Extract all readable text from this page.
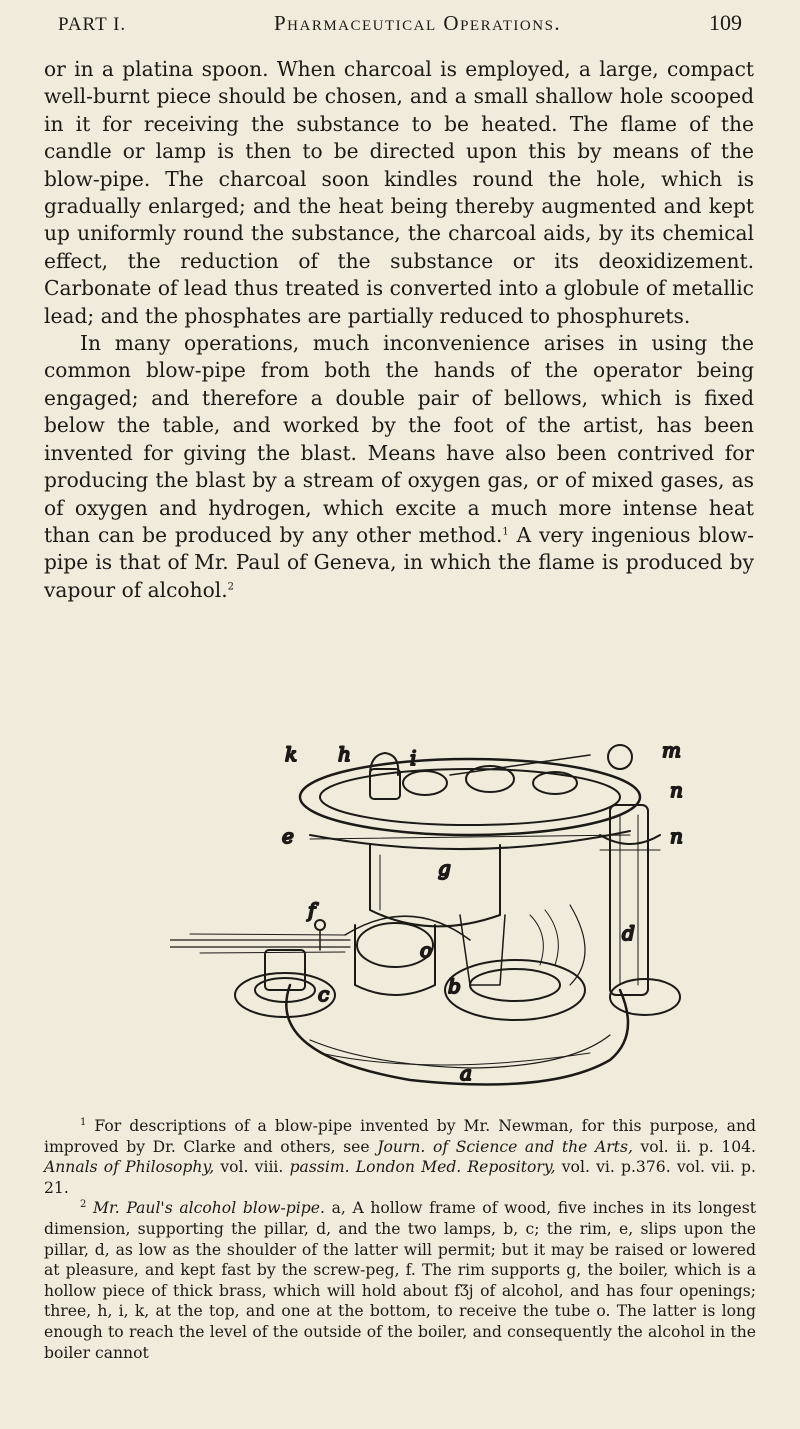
PART I.	Pharmaceutical Operations.	109

or in a platina spoon. When charcoal is employed, a large, compact well-burnt piece should be chosen, and a small shallow hole scooped in it for receiving the substance to be heated. The flame of the candle or lamp is then to be directed upon this by means of the blow-pipe. The charcoal soon kindles round the hole, which is gradually enlarged; and the heat being thereby augmented and kept up uniformly round the substance, the charcoal aids, by its chemical effect, the reduction of the substance or its deoxidizement. Carbonate of lead thus treated is converted into a globule of metallic lead; and the phosphates are partially reduced to phosphurets.

In many operations, much inconvenience arises in using the common blow-pipe from both the hands of the operator being engaged; and therefore a double pair of bellows, which is fixed below the table, and worked by the foot of the artist, has been invented for giving the blast. Means have also been contrived for producing the blast by a stream of oxygen gas, or of mixed gases, as of oxygen and hydrogen, which excite a much more intense heat than can be produced by any other method.$^1$ A very ingenious blow-pipe is that of Mr. Paul of Geneva, in which the flame is produced by vapour of alcohol.$^2$

k h	i	m
n
e	n
g
f
d
o
b
c
a

$^1$ For descriptions of a blow-pipe invented by Mr. Newman, for this purpose, and improved by Dr. Clarke and others, see Journ. of Science and the Arts, vol. ii. p. 104. Annals of Philosophy, vol. viii. passim. London Med. Repository, vol. vi. p.376. vol. vii. p. 21.

$^2$ Mr. Paul's alcohol blow-pipe. a, A hollow frame of wood, five inches in its longest dimension, supporting the pillar, d, and the two lamps, b, c; the rim, e, slips upon the pillar, d, as low as the shoulder of the latter will permit; but it may be raised or lowered at pleasure, and kept fast by the screw-peg, f. The rim supports g, the boiler, which is a hollow piece of thick brass, which will hold about fƷj of alcohol, and has four openings; three, h, i, k, at the top, and one at the bottom, to receive the tube o. The latter is long enough to reach the level of the outside of the boiler, and consequently the alcohol in the boiler cannot
